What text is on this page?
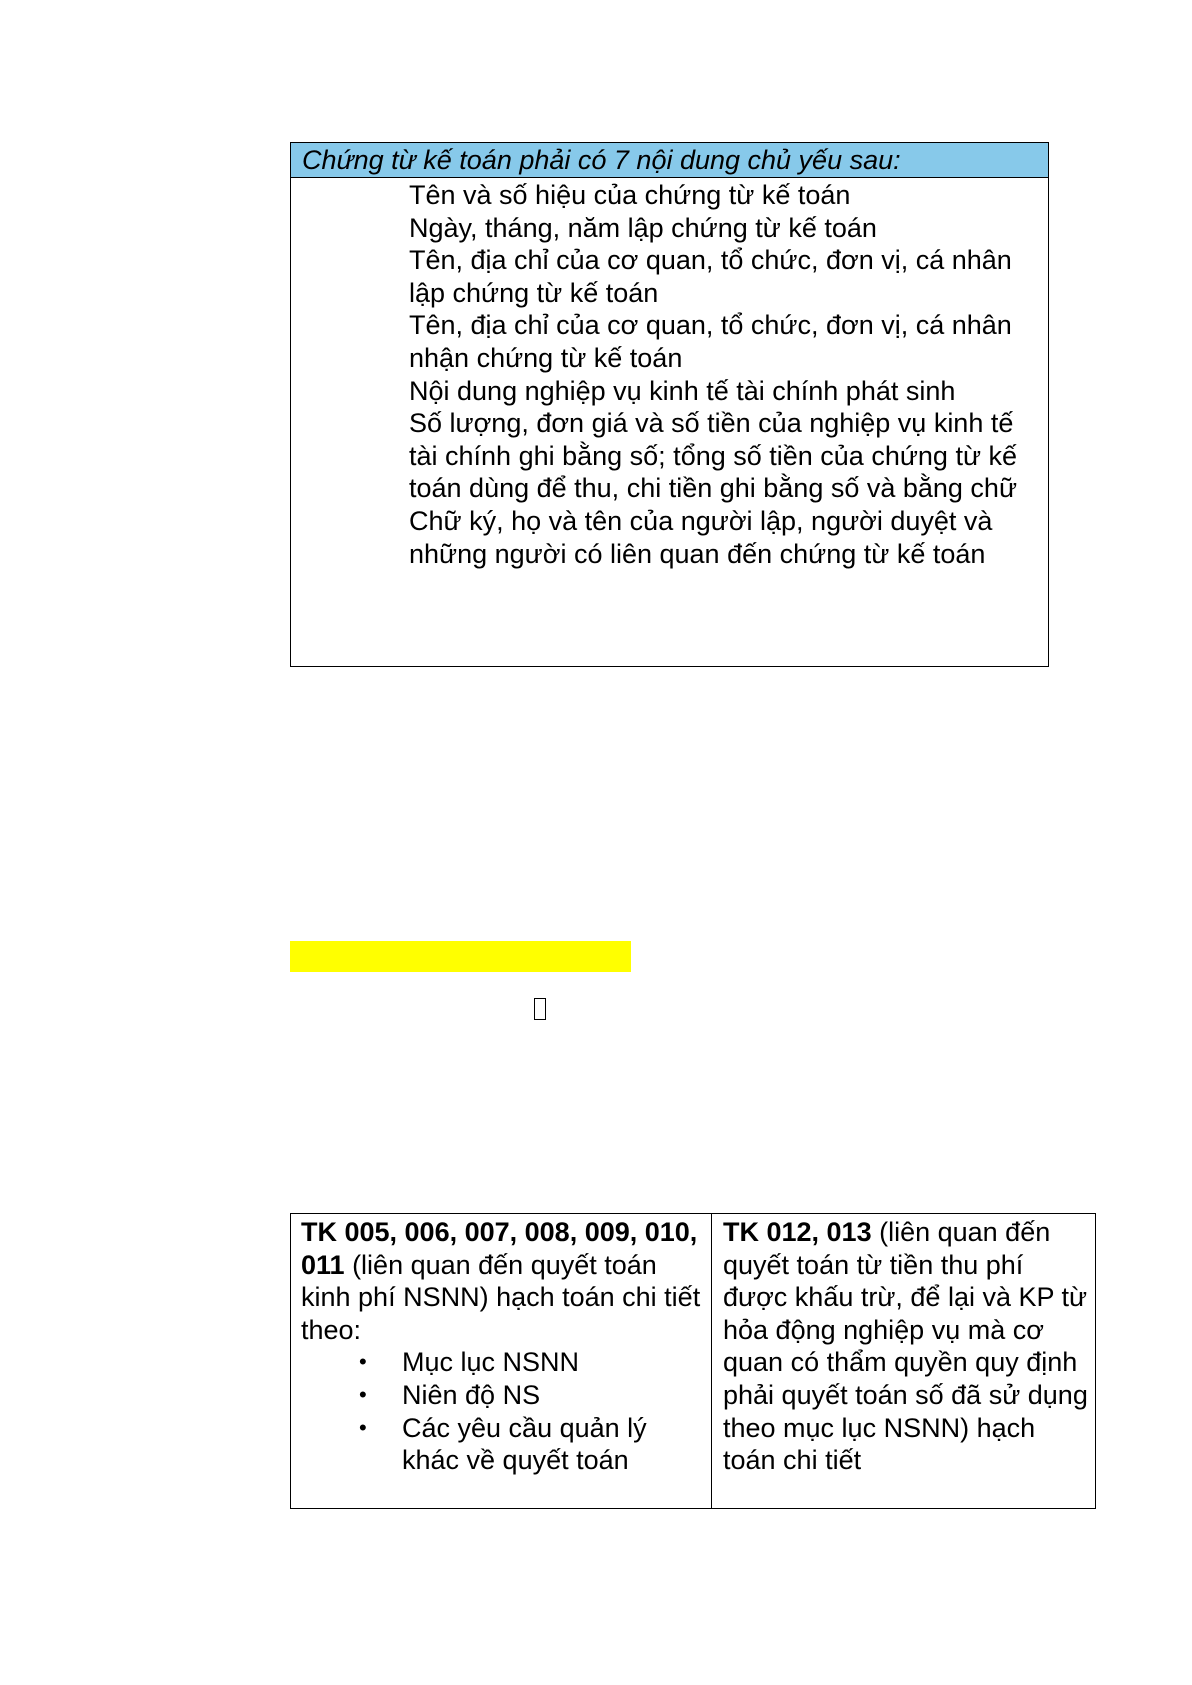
Chứng từ kế toán phải có 7 nội dung chủ yếu sau:
Tên và số hiệu của chứng từ kế toán
Ngày, tháng, năm lập chứng từ kế toán
Tên, địa chỉ của cơ quan, tổ chức, đơn vị, cá nhân lập chứng từ kế toán
Tên, địa chỉ của cơ quan, tổ chức, đơn vị, cá nhân nhận chứng từ kế toán
Nội dung nghiệp vụ kinh tế tài chính phát sinh
Số lượng, đơn giá và số tiền của nghiệp vụ kinh tế tài chính ghi bằng số; tổng số tiền của chứng từ kế toán dùng để thu, chi tiền ghi bằng số và bằng chữ
Chữ ký, họ và tên của người lập, người duyệt và những người có liên quan đến chứng từ kế toán
TK 005, 006, 007, 008, 009, 010, 011 (liên quan đến quyết toán kinh phí NSNN) hạch toán chi tiết theo:
• Mục lục NSNN
• Niên độ NS
• Các yêu cầu quản lý khác về quyết toán
TK 012, 013 (liên quan đến quyết toán từ tiền thu phí được khấu trừ, để lại và KP từ hỏa động nghiệp vụ mà cơ quan có thẩm quyền quy định phải quyết toán số đã sử dụng theo mục lục NSNN) hạch toán chi tiết
